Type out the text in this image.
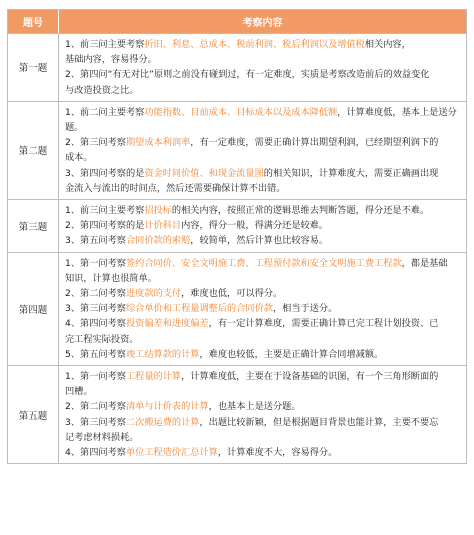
题号	考察内容
第一题
1、前三问主要考察折旧、利息、总成本、税前利润、税后利润以及增值税相关内容，
基础内容，容易得分。
2、第四问“有无对比”原则之前没有碰到过，有一定难度，实质是考察改造前后的效益变化
与改造投资之比。
第二题
1、前二问主要考察功能指数、目前成本、目标成本以及成本降低额，计算难度低，基本上是送分
题。
2、第三问考察期望成本利润率，有一定难度，需要正确计算出期望利润，已经期望利润下的
成本。
3、第四问考察的是资金时间价值、和现金流量图的相关知识，计算难度大，需要正确画出现
金流入与流出的时间点，然后还需要确保计算不出错。
第三题
1、前三问主要考察招投标的相关内容，按照正常的逻辑思维去判断答题，得分还是不难。
2、第四问考察的是计价科目内容，得分一般，得满分还是较难。
3、第五问考察合同价款的索赔，较简单，然后计算也比较容易。
第四题
1、第一问考察签约合同价、安全文明施工费、工程预付款和安全文明施工费工程款，都是基础
知识，计算也很简单。
2、第二问考察进度款的支付，难度也低，可以得分。
3、第三问考察综合单价和工程量调整后的合同价款，相当于送分。
4、第四问考察投资偏差和进度偏差，有一定计算难度，需要正确计算已完工程计划投资、已
完工程实际投资。
5、第五问考察竣工结算款的计算，难度也较低，主要是正确计算合同增减额。
第五题
1、第一问考察工程量的计算，计算难度低，主要在于设备基础的识图，有一个三角形断面的
凹槽。
2、第二问考察清单与计价表的计算，也基本上是送分题。
3、第三问考察二次搬运费的计算，出题比较新颖，但是根据题目背景也能计算，主要不要忘
记考虑材料损耗。
4、第四问考察单位工程造价汇总计算，计算难度不大，容易得分。
